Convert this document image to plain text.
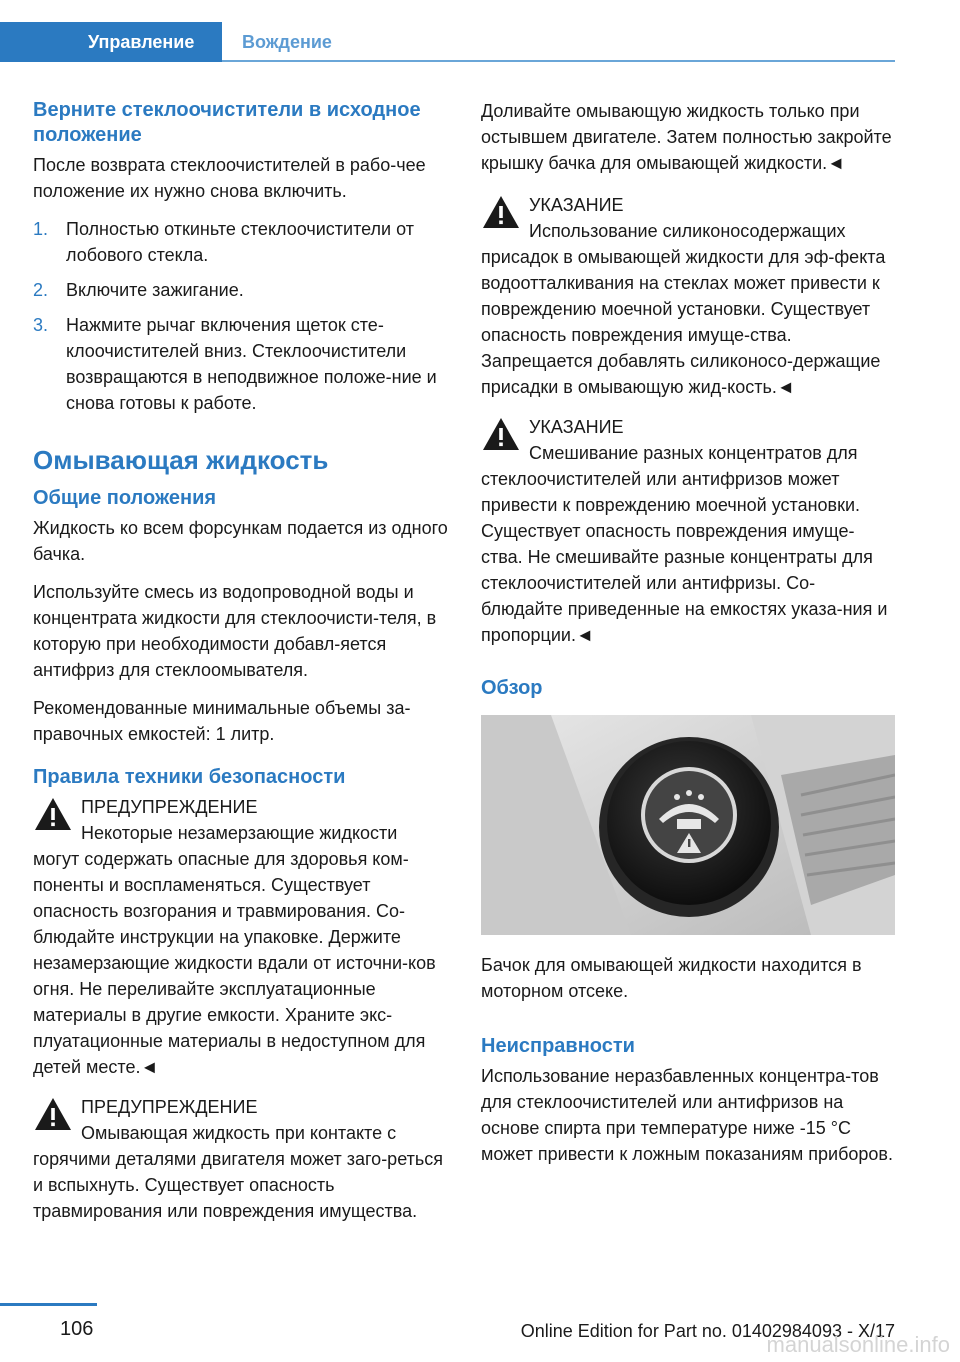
Управление	Вождение
Верните стеклоочистители в исходное положение

После возврата стеклоочистителей в рабо-чее положение их нужно снова включить.

1. Полностью откиньте стеклоочистители от лобового стекла.
2. Включите зажигание.
3. Нажмите рычаг включения щеток сте-клоочистителей вниз. Стеклоочистители возвращаются в неподвижное положе-ние и снова готовы к работе.
Омывающая жидкость
Общие положения

Жидкость ко всем форсункам подается из одного бачка.

Используйте смесь из водопроводной воды и концентрата жидкости для стеклоочисти-теля, в которую при необходимости добавл-яется антифриз для стеклоомывателя.

Рекомендованные минимальные объемы за-правочных емкостей: 1 литр.

Правила техники безопасности
ПРЕДУПРЕЖДЕНИЕ

Некоторые незамерзающие жидкости могут содержать опасные для здоровья ком-поненты и воспламеняться. Существует опасность возгорания и травмирования. Со-блюдайте инструкции на упаковке. Держите незамерзающие жидкости вдали от источни-ков огня. Не переливайте эксплуатационные материалы в другие емкости. Храните экс-плуатационные материалы в недоступном для детей месте.◄

ПРЕДУПРЕЖДЕНИЕ

Омывающая жидкость при контакте с горячими деталями двигателя может заго-реться и вспыхнуть. Существует опасность травмирования или повреждения имущества.

Доливайте омывающую жидкость только при остывшем двигателе. Затем полностью закройте крышку бачка для омывающей жидкости.◄

УКАЗАНИЕ

Использование силиконосодержащих присадок в омывающей жидкости для эф-фекта водоотталкивания на стеклах может привести к повреждению моечной установки. Существует опасность повреждения имуще-ства. Запрещается добавлять силиконосо-держащие присадки в омывающую жид-кость.◄

УКАЗАНИЕ

Смешивание разных концентратов для стеклоочистителей или антифризов может привести к повреждению моечной установки. Существует опасность повреждения имуще-ства. Не смешивайте разные концентраты для стеклоочистителей или антифризы. Со-блюдайте приведенные на емкостях указа-ния и пропорции.◄

Обзор

Бачок для омывающей жидкости находится в моторном отсеке.

Неисправности

Использование неразбавленных концентра-тов для стеклоочистителей или антифризов на основе спирта при температуре ниже -15 °C может привести к ложным показаниям приборов.

106	Online Edition for Part no. 01402984093 - X/17
manualsonline.info
